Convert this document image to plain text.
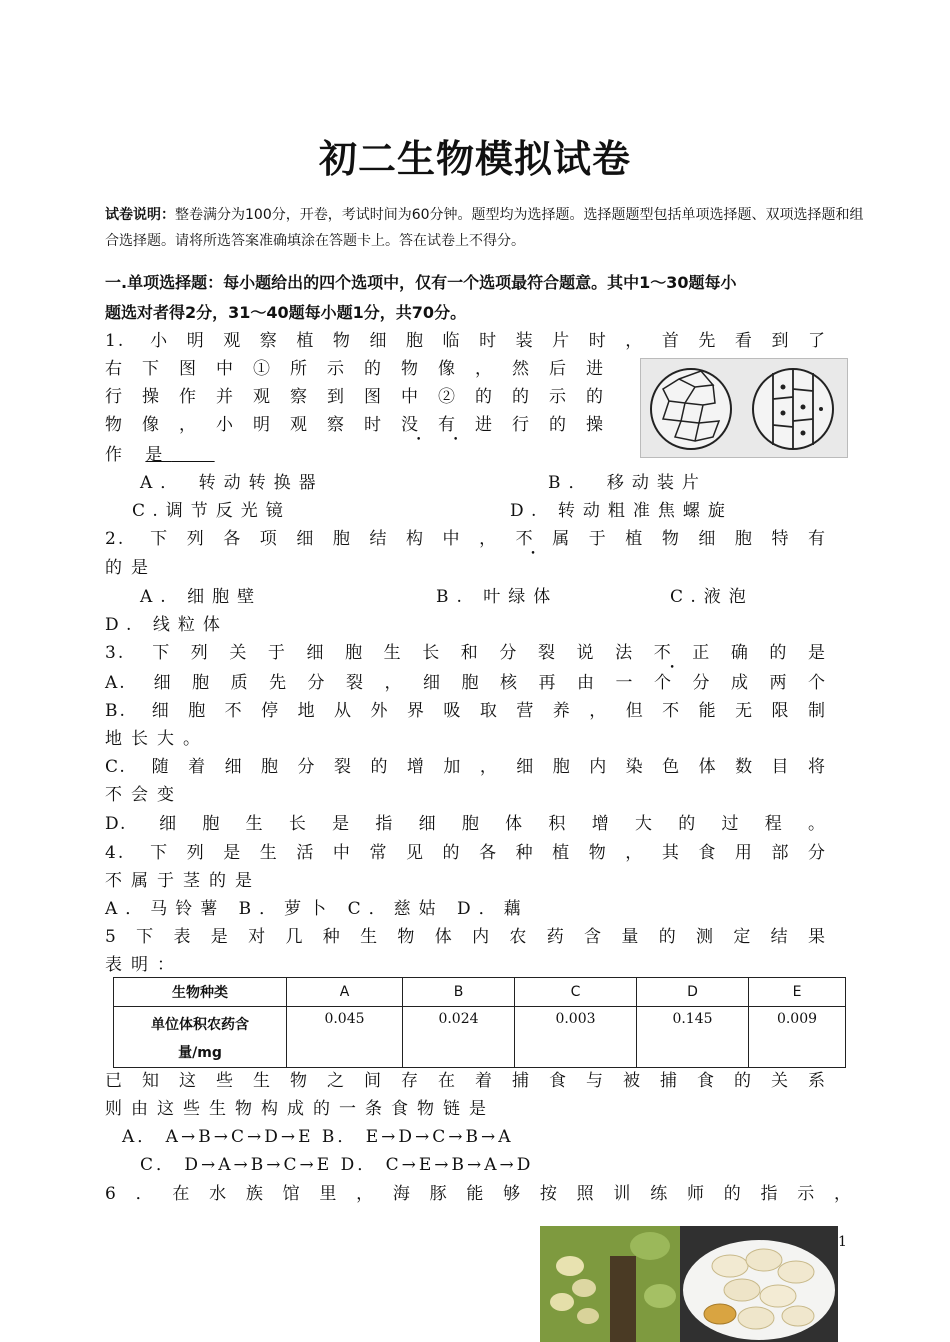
初二生物模拟试卷
试卷说明：整卷满分为100分，开卷，考试时间为60分钟。题型均为选择题。选择题题型包括单项选择题、双项选择题和组合选择题。请将所选答案准确填涂在答题卡上。答在试卷上不得分。
一.单项选择题：每小题给出的四个选项中，仅有一个选项最符合题意。其中1～30题每小
题选对者得2分，31～40题每小题1分，共70分。
1. 小明观察植物细胞临时装片时，首先看到了
右下图中①所示的物像，然后进
行操作并观察到图中②的的示的
物像，小明观察时没有进行的操
作 是
A． 转动转换器	B． 移动装片
C.调节反光镜	D. 转动粗准焦螺旋
2. 下列各项细胞结构中，不属于植物细胞特有
的是
A. 细胞壁	B. 叶绿体	C.液泡
D. 线粒体
3. 下列关于细胞生长和分裂说法不正确的是
A. 细胞质先分裂，细胞核再由一个分成两个
B. 细胞不停地从外界吸取营养，但不能无限制
地长大。
C. 随着细胞分裂的增加，细胞内染色体数目将
不会变
D. 细胞生长是指细胞体积增大的过程。
4. 下列是生活中常见的各种植物，其食用部分
不属于茎的是
A．马铃薯 B．萝卜 C．慈姑 D．藕
5下表是对几种生物体内农药含量的测定结果
表明：
生物种类	A	B	C	D	E

单位体积农药含
量/mg	0.045	0.024	0.003	0.145	0.009
已知这些生物之间存在着捕食与被捕食的关系
则由这些生物构成的一条食物链是
A． A→B→C→D→E B． E→D→C→B→A
C． D→A→B→C→E D． C→E→B→A→D
6．在水族馆里，海豚能够按照训练师的指示，
1
